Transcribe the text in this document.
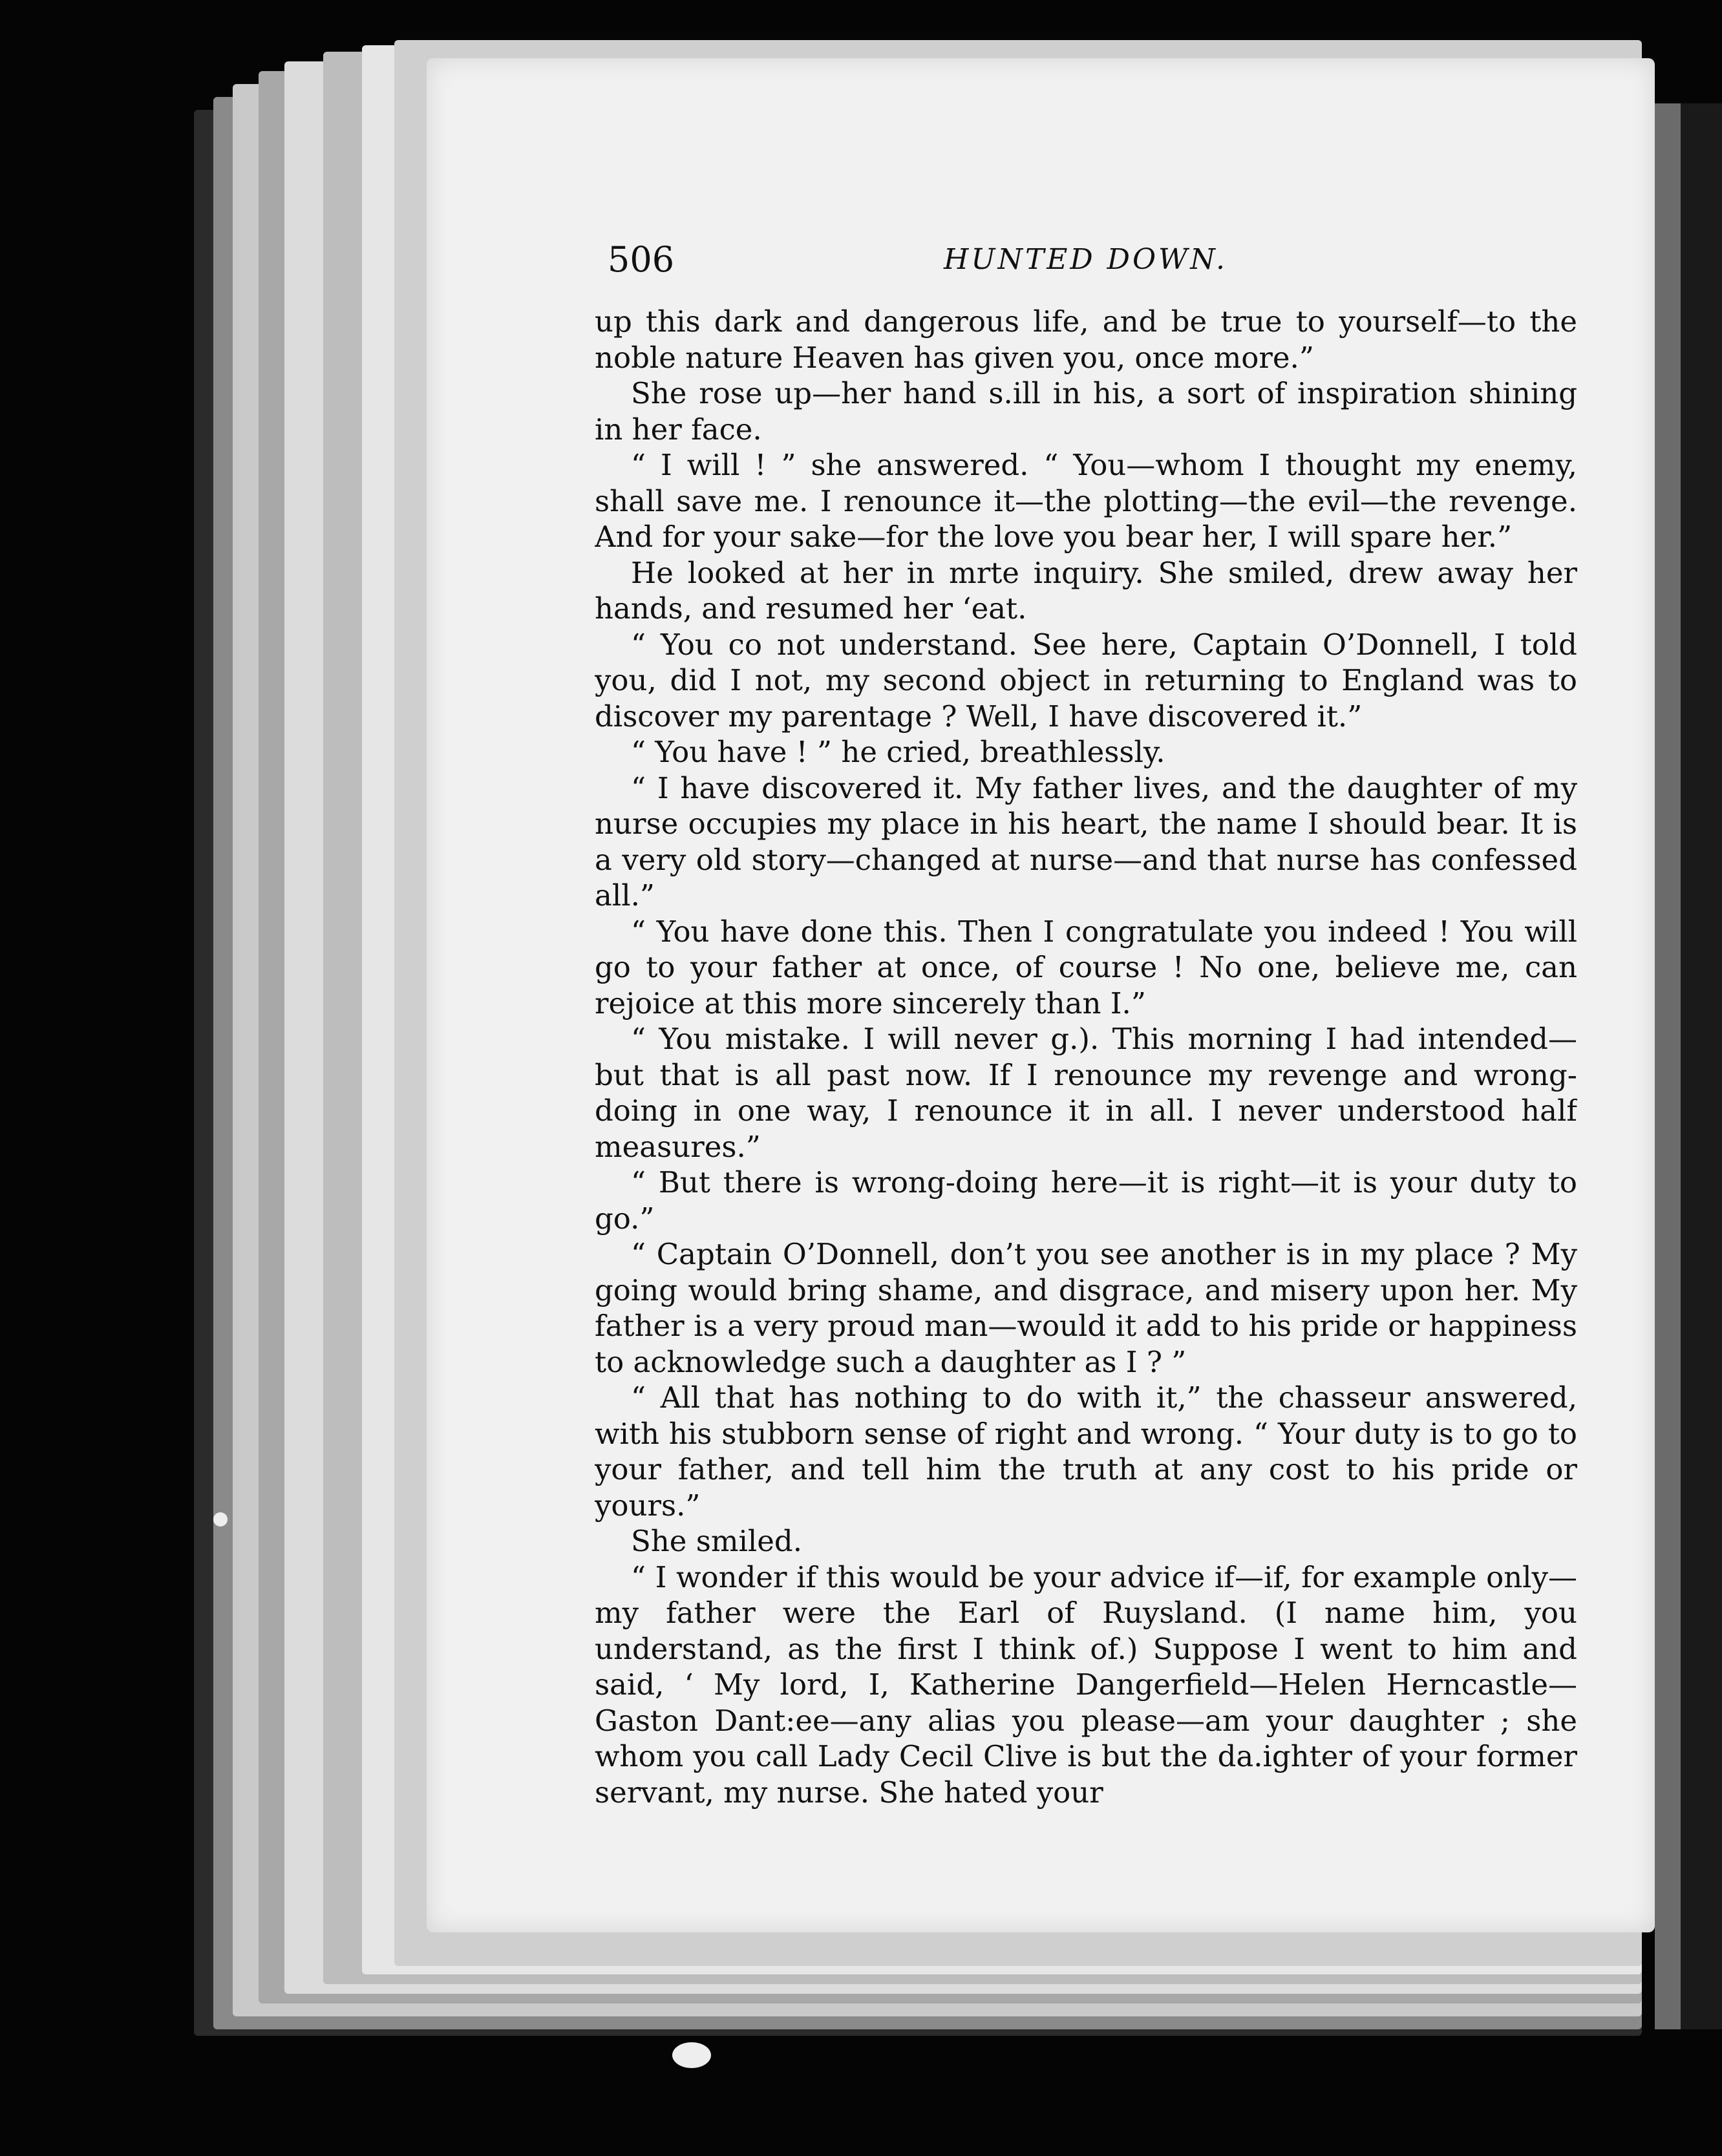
506	HUNTED DOWN.

up this dark and dangerous life, and be true to yourself—to the noble nature Heaven has given you, once more.”

She rose up—her hand s.ill in his, a sort of inspiration shining in her face.

“ I will ! ” she answered. “ You—whom I thought my enemy, shall save me. I renounce it—the plotting—the evil—the revenge. And for your sake—for the love you bear her, I will spare her.”

He looked at her in mrte inquiry. She smiled, drew away her hands, and resumed her ‘eat.

“ You co not understand. See here, Captain O’Donnell, I told you, did I not, my second object in returning to England was to discover my parentage ? Well, I have discovered it.”

“ You have ! ” he cried, breathlessly.

“ I have discovered it. My father lives, and the daughter of my nurse occupies my place in his heart, the name I should bear. It is a very old story—changed at nurse—and that nurse has confessed all.”

“ You have done this. Then I congratulate you indeed ! You will go to your father at once, of course ! No one, believe me, can rejoice at this more sincerely than I.”

“ You mistake. I will never g.). This morning I had intended—but that is all past now. If I renounce my revenge and wrong-doing in one way, I renounce it in all. I never understood half measures.”

“ But there is wrong-doing here—it is right—it is your duty to go.”

“ Captain O’Donnell, don’t you see another is in my place ? My going would bring shame, and disgrace, and misery upon her. My father is a very proud man—would it add to his pride or happiness to acknowledge such a daughter as I ? ”

“ All that has nothing to do with it,” the chasseur answered, with his stubborn sense of right and wrong. “ Your duty is to go to your father, and tell him the truth at any cost to his pride or yours.”

She smiled.

“ I wonder if this would be your advice if—if, for example only—my father were the Earl of Ruysland. (I name him, you understand, as the first I think of.) Suppose I went to him and said, ‘ My lord, I, Katherine Dangerfield—Helen Herncastle—Gaston Dant:ee—any alias you please—am your daughter ; she whom you call Lady Cecil Clive is but the da.ighter of your former servant, my nurse. She hated your
